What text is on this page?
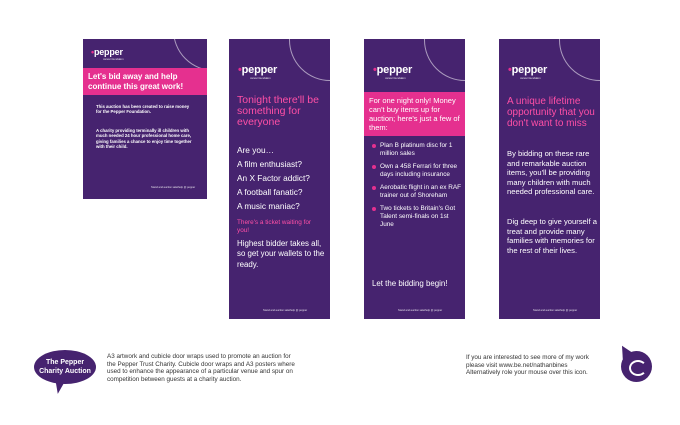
•pepper
cancer foundation
Let's bid away and help continue this great work!
This auction has been created to raise money for the Pepper Foundation.
A charity providing terminally ill children with much needed 24 hour professional home care, giving families a chance to enjoy time together with their child.
Stand and auction sale/help @ pepper
•pepper
cancer foundation
Tonight there'll be something for everyone
Are you…
A film enthusiast?
An X Factor addict?
A football fanatic?
A music maniac?
There's a ticket waiting for you!
Highest bidder takes all, so get your wallets to the ready.
Stand and auction sale/help @ pepper
•pepper
cancer foundation
For one night only! Money can't buy items up for auction; here's just a few of them:
Plan B platinum disc for 1 million sales
Own a 458 Ferrari for three days including insurance
Aerobatic flight in an ex RAF trainer out of Shoreham
Two tickets to Britain's Got Talent semi-finals on 1st June
Let the bidding begin!
Stand and auction sale/help @ pepper
•pepper
cancer foundation
A unique lifetime opportunity that you don't want to miss
By bidding on these rare and remarkable auction items, you'll be providing many children with much needed professional care.
Dig deep to give yourself a treat and provide many families with memories for the rest of their lives.
Stand and auction sale/help @ pepper
The Pepper Charity Auction
A3 artwork and cubicle door wraps used to promote an auction for the Pepper Trust Charity. Cubicle door wraps and A3 posters where used to enhance the appearance of a particular venue and spur on competition between guests at a charity auction.
If you are interested to see more of my work
please visit www.be.net/nathanbines
Alternatively role your mouse over this icon.
